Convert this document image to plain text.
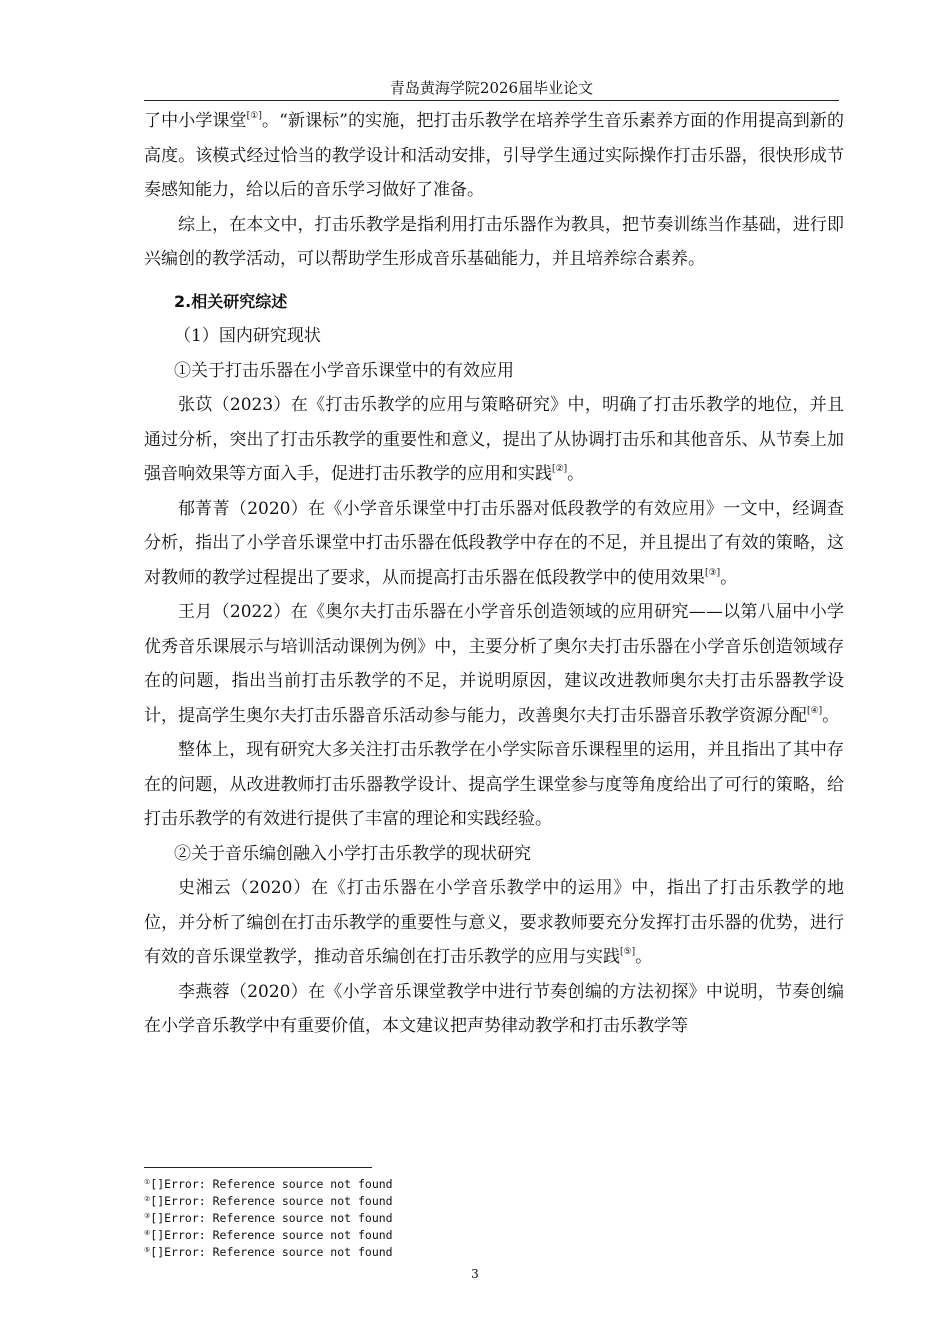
青岛黄海学院2026届毕业论文

了中小学课堂[①]。“新课标”的实施，把打击乐教学在培养学生音乐素养方面的作用提高到新的高度。该模式经过恰当的教学设计和活动安排，引导学生通过实际操作打击乐器，很快形成节奏感知能力，给以后的音乐学习做好了准备。

综上，在本文中，打击乐教学是指利用打击乐器作为教具，把节奏训练当作基础，进行即兴编创的教学活动，可以帮助学生形成音乐基础能力，并且培养综合素养。

2.相关研究综述

（1）国内研究现状

①关于打击乐器在小学音乐课堂中的有效应用

张苡（2023）在《打击乐教学的应用与策略研究》中，明确了打击乐教学的地位，并且通过分析，突出了打击乐教学的重要性和意义，提出了从协调打击乐和其他音乐、从节奏上加强音响效果等方面入手，促进打击乐教学的应用和实践[②]。

郁菁菁（2020）在《小学音乐课堂中打击乐器对低段教学的有效应用》一文中，经调查分析，指出了小学音乐课堂中打击乐器在低段教学中存在的不足，并且提出了有效的策略，这对教师的教学过程提出了要求，从而提高打击乐器在低段教学中的使用效果[③]。

王月（2022）在《奥尔夫打击乐器在小学音乐创造领域的应用研究——以第八届中小学优秀音乐课展示与培训活动课例为例》中，主要分析了奥尔夫打击乐器在小学音乐创造领域存在的问题，指出当前打击乐教学的不足，并说明原因，建议改进教师奥尔夫打击乐器教学设计，提高学生奥尔夫打击乐器音乐活动参与能力，改善奥尔夫打击乐器音乐教学资源分配[④]。

整体上，现有研究大多关注打击乐教学在小学实际音乐课程里的运用，并且指出了其中存在的问题，从改进教师打击乐器教学设计、提高学生课堂参与度等角度给出了可行的策略，给打击乐教学的有效进行提供了丰富的理论和实践经验。

②关于音乐编创融入小学打击乐教学的现状研究

史湘云（2020）在《打击乐器在小学音乐教学中的运用》中，指出了打击乐教学的地位，并分析了编创在打击乐教学的重要性与意义，要求教师要充分发挥打击乐器的优势，进行有效的音乐课堂教学，推动音乐编创在打击乐教学的应用与实践[⑤]。

李燕蓉（2020）在《小学音乐课堂教学中进行节奏创编的方法初探》中说明，节奏创编在小学音乐教学中有重要价值，本文建议把声势律动教学和打击乐教学等

①[]Error: Reference source not found
②[]Error: Reference source not found
③[]Error: Reference source not found
④[]Error: Reference source not found
⑤[]Error: Reference source not found
3
